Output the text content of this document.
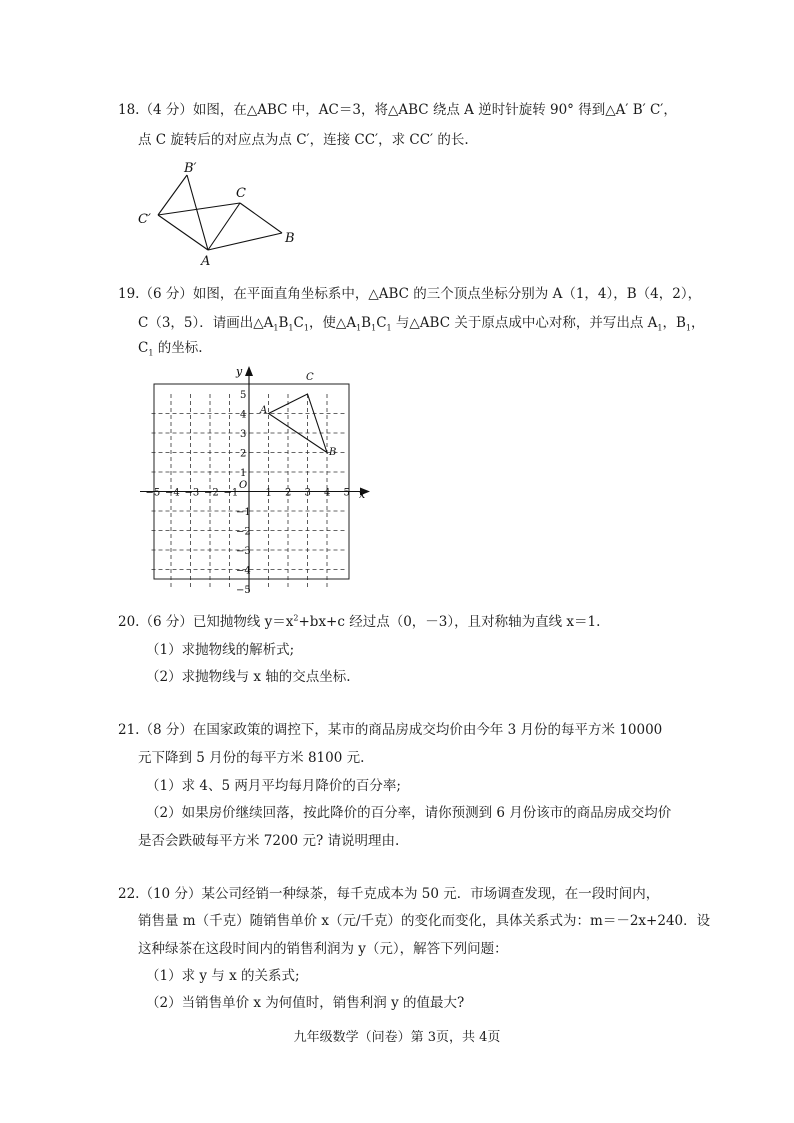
18.（4 分）如图，在△ABC 中，AC＝3，将△ABC 绕点 A 逆时针旋转 90° 得到△A′ B′ C′，
点 C 旋转后的对应点为点 C′，连接 CC′，求 CC′ 的长.
B′
C
C′
B
A
19.（6 分）如图，在平面直角坐标系中，△ABC 的三个顶点坐标分别为 A（1，4），B（4，2），
C（3，5）．请画出$\triangle A_1B_1C_1$，使$\triangle A_1B_1C_1$ 与△ABC 关于原点成中心对称，并写出点 $A_1$，$B_1$，
$C_1$ 的坐标.
−5 −4 −3 −2 −1	1 2 3 4 5
5
4
3
2
1
−1
−2
−3
−4
−5
x
y
O
A
B
C
20.（6 分）已知抛物线 $y=x^2+bx+c$ 经过点（0，－3），且对称轴为直线 x＝1.
（1）求抛物线的解析式;
（2）求抛物线与 x 轴的交点坐标.
21.（8 分）在国家政策的调控下，某市的商品房成交均价由今年 3 月份的每平方米 10000
元下降到 5 月份的每平方米 8100 元.
（1）求 4、5 两月平均每月降价的百分率;
（2）如果房价继续回落，按此降价的百分率，请你预测到 6 月份该市的商品房成交均价
是否会跌破每平方米 7200 元? 请说明理由.
22.（10 分）某公司经销一种绿茶，每千克成本为 50 元．市场调查发现，在一段时间内，
销售量 m（千克）随销售单价 x（元/千克）的变化而变化，具体关系式为：m＝－2x+240．设
这种绿茶在这段时间内的销售利润为 y（元），解答下列问题：
（1）求 y 与 x 的关系式;
（2）当销售单价 x 为何值时，销售利润 y 的值最大?
九年级数学（问卷）第 3页，共 4页
